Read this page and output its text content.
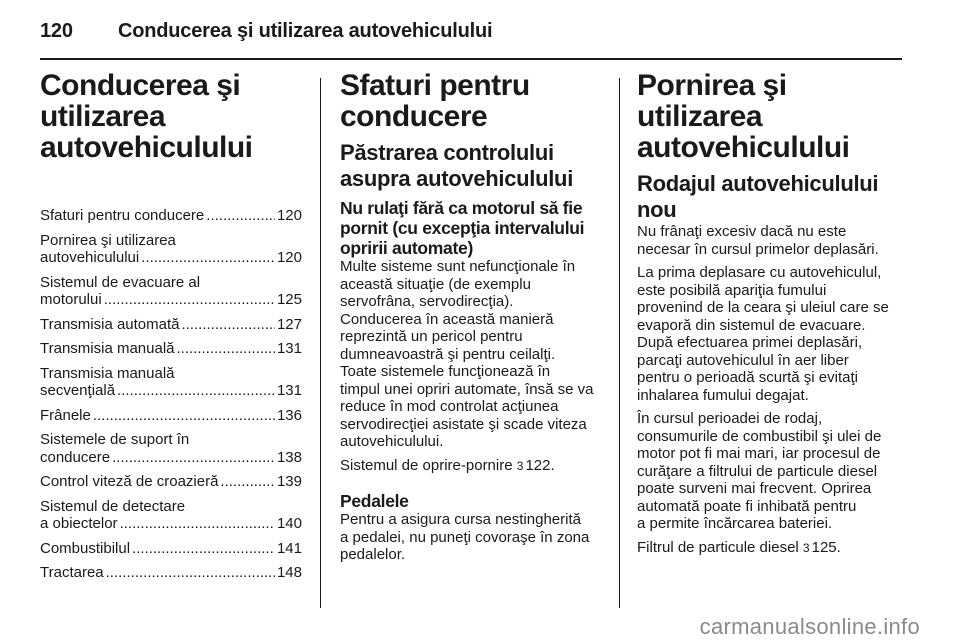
120 Conducerea şi utilizarea autovehiculului
Conducerea şi
utilizarea
autovehiculului
Sfaturi pentru conducere .....	120
Pornirea şi utilizarea
autovehiculului .....	120
Sistemul de evacuare al
motorului .....	125
Transmisia automată .....	127
Transmisia manuală .....	131
Transmisia manuală
secvenţială .....	131
Frânele .....	136
Sistemele de suport în
conducere .....	138
Control viteză de croazieră .....	139
Sistemul de detectare
a obiectelor .....	140
Combustibilul .....	141
Tractarea .....	148
Sfaturi pentru
conducere
Păstrarea controlului
asupra autovehiculului
Nu rulaţi fără ca motorul să fie
pornit (cu excepţia intervalului
opririi automate)

Multe sisteme sunt nefuncţionale în
această situaţie (de exemplu
servofrâna, servodirecţia).
Conducerea în această manieră
reprezintă un pericol pentru
dumneavoastră şi pentru ceilalţi.
Toate sistemele funcţionează în
timpul unei opriri automate, însă se va
reduce în mod controlat acţiunea
servodirecţiei asistate şi scade viteza
autovehiculului.

Sistemul de oprire-pornire 3 122.

Pedalele

Pentru a asigura cursa nestingherită
a pedalei, nu puneţi covoraşe în zona
pedalelor.

Pornirea şi utilizarea
autovehiculului
Rodajul autovehiculului
nou

Nu frânaţi excesiv dacă nu este
necesar în cursul primelor deplasări.

La prima deplasare cu autovehiculul,
este posibilă apariţia fumului
provenind de la ceara şi uleiul care se
evaporă din sistemul de evacuare.
După efectuarea primei deplasări,
parcaţi autovehiculul în aer liber
pentru o perioadă scurtă şi evitaţi
inhalarea fumului degajat.

În cursul perioadei de rodaj,
consumurile de combustibil şi ulei de
motor pot fi mai mari, iar procesul de
curăţare a filtrului de particule diesel
poate surveni mai frecvent. Oprirea
automată poate fi inhibată pentru
a permite încărcarea bateriei.

Filtrul de particule diesel 3 125.

carmanualsonline.info
